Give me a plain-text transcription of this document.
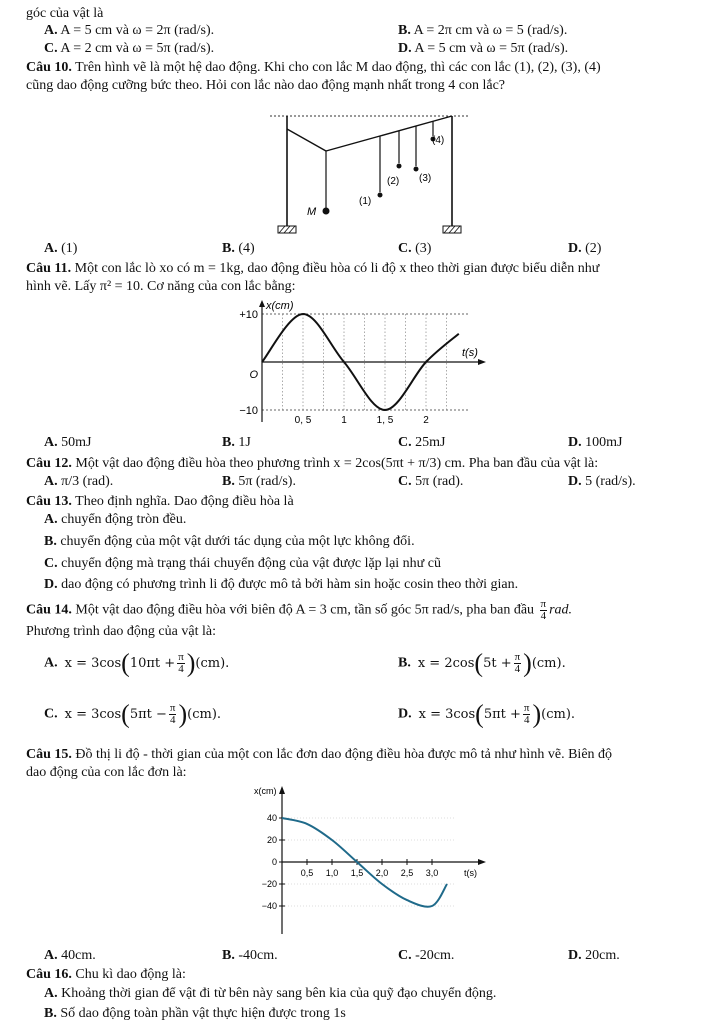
góc của vật là
A. A = 5 cm và ω = 2π (rad/s).	B. A = 2π cm và ω = 5 (rad/s).
C. A = 2 cm và ω = 5π (rad/s).	D. A = 5 cm và ω = 5π (rad/s).
Câu 10. Trên hình vẽ là một hệ dao động. Khi cho con lắc M dao động, thì các con lắc (1), (2), (3), (4)
cũng dao động cưỡng bức theo. Hỏi con lắc nào dao động mạnh nhất trong 4 con lắc?
M
(1)
(2) (3)
(4)
A. (1)	B. (4)	C. (3)	D. (2)
Câu 11. Một con lắc lò xo có m = 1kg, dao động điều hòa có li độ x theo thời gian được biểu diễn như
hình vẽ. Lấy π² = 10. Cơ năng của con lắc bằng:
x(cm)
t(s)
+10
O
−10
0, 5	1	1, 5	2
A. 50mJ	B. 1J	C. 25mJ	D. 100mJ
Câu 12. Một vật dao động điều hòa theo phương trình x = 2cos(5πt + π/3) cm. Pha ban đầu của vật là:
A. π/3 (rad).	B. 5π (rad/s).	C. 5π (rad).	D. 5 (rad/s).
Câu 13. Theo định nghĩa. Dao động điều hòa là
A. chuyển động tròn đều.
B. chuyển động của một vật dưới tác dụng của một lực không đổi.
C. chuyển động mà trạng thái chuyển động của vật được lặp lại như cũ
D. dao động có phương trình li độ được mô tả bởi hàm sin hoặc cosin theo thời gian.
Câu 14. Một vật dao động điều hòa với biên độ A = 3 cm, tần số góc 5π rad/s, pha ban đầu $\frac{\pi}{4}$ rad.
Phương trình dao động của vật là:
A. $x = 3\cos(10\pi t + \frac{\pi}{4} )(cm)$.	B. $x = 2\cos(5t + \frac{\pi}{4} )(cm)$.
C. $x = 3\cos(5\pi t - \frac{\pi}{4} )(cm)$.	D. $x = 3\cos(5\pi t + \frac{\pi}{4} )(cm)$.
Câu 15. Đồ thị li độ - thời gian của một con lắc đơn dao động điều hòa được mô tả như hình vẽ. Biên độ
dao động của con lắc đơn là:
x(cm)
t(s)
40
20
0
−20
−40
0,5 1,0 1,5 2,0 2,5 3,0
A. 40cm.	B. -40cm.	C. -20cm.	D. 20cm.
Câu 16. Chu kì dao động là:
A. Khoảng thời gian để vật đi từ bên này sang bên kia của quỹ đạo chuyển động.
B. Số dao động toàn phần vật thực hiện được trong 1s
